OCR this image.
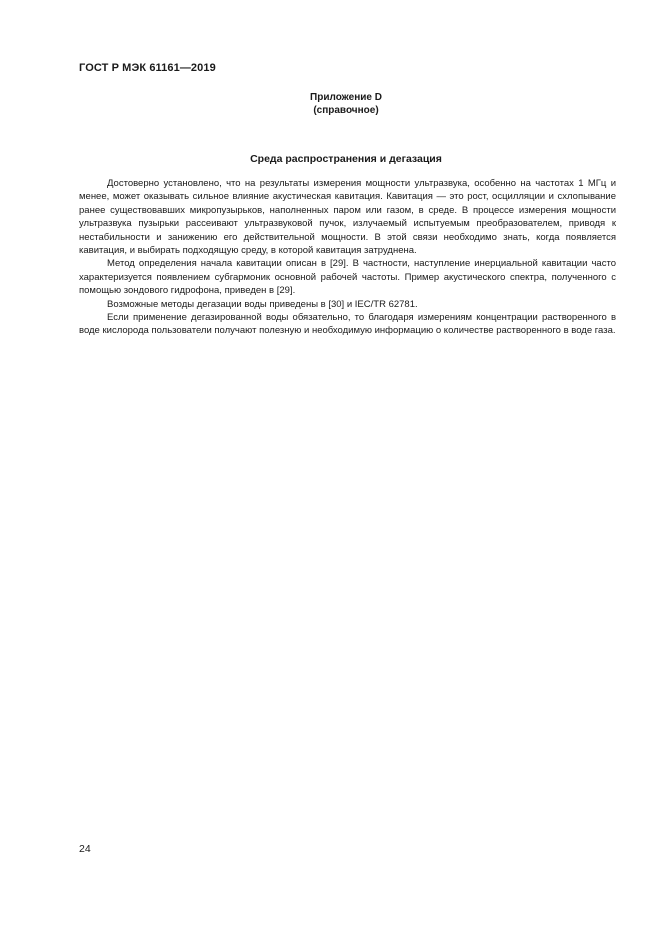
ГОСТ Р МЭК 61161—2019
Приложение D
(справочное)
Среда распространения и дегазация

Достоверно установлено, что на результаты измерения мощности ультразвука, особенно на частотах 1 МГц и менее, может оказывать сильное влияние акустическая кавитация. Кавитация — это рост, осцилляции и схлопывание ранее существовавших микропузырьков, наполненных паром или газом, в среде. В процессе измерения мощности ультразвука пузырьки рассеивают ультразвуковой пучок, излучаемый испытуемым преобразователем, приводя к нестабильности и занижению его действительной мощности. В этой связи необходимо знать, когда появляется кавитация, и выбирать подходящую среду, в которой кавитация затруднена.

Метод определения начала кавитации описан в [29]. В частности, наступление инерциальной кавитации часто характеризуется появлением субгармоник основной рабочей частоты. Пример акустического спектра, полученного с помощью зондового гидрофона, приведен в [29].

Возможные методы дегазации воды приведены в [30] и IEC/TR 62781.

Если применение дегазированной воды обязательно, то благодаря измерениям концентрации растворенного в воде кислорода пользователи получают полезную и необходимую информацию о количестве растворенного в воде газа.

24
